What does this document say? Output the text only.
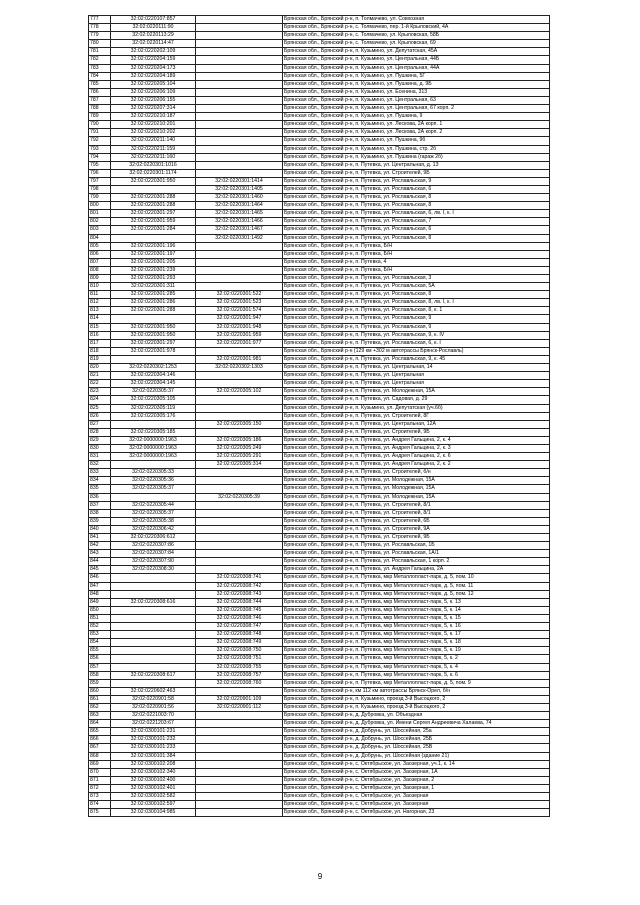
777	32:02:0220107:857		Брянская обл., Брянский р-н, п. Толмачево, ул. Совхозная
778	32:02:0220111:90		Брянская обл., Брянский р-н, с. Толмачево, пер. 1-й Крыловский, 4А
779	32:02:0220113:29		Брянская обл., Брянский р-н, с. Толмачево, ул. Крыловская, 58Б
780	32:02:0220114:47		Брянская обл., Брянский р-н, с. Толмачево, ул. Крыловская, 69
781	32:02:0220202:109		Брянская обл., Брянский р-н, п. Кузьмино, ул. Депутатская, 45А
782	32:02:0220204:159		Брянская обл., Брянский р-н, п. Кузьмино, ул. Центральная, 44Б
783	32:02:0220204:173		Брянская обл., Брянский р-н, п. Кузьмино, ул. Центральная, 44А
784	32:02:0220204:189		Брянская обл., Брянский р-н, п. Кузьмино, ул. Пушкина, 5Г
785	32:02:0220205:104		Брянская обл., Брянский р-н, п. Кузьмино, ул. Пушкина, д. 9Б
786	32:02:0220206:109		Брянская обл., Брянский р-н, п. Кузьмино, ул. Есенина, 313
787	32:02:0220206:155		Брянская обл., Брянский р-н, п. Кузьмино, ул. Центральная, 63
788	32:02:0220207:314		Брянская обл., Брянский р-н, п. Кузьмино, ул. Центральная, 67 корп. 2
789	32:02:0220210:187		Брянская обл., Брянский р-н, п. Кузьмино, ул. Пушкина, 9
790	32:02:0220210:201		Брянская обл., Брянский р-н, п. Кузьмино, ул. Лескова, 2А корп. 1
791	32:02:0220210:202		Брянская обл., Брянский р-н, п. Кузьмино, ул. Лескова, 2А корп. 2
792	32:02:0220211:140		Брянская обл., Брянский р-н, п. Кузьмино, ул. Пушкина, 9б
793	32:02:0220211:159		Брянская обл., Брянский р-н, п. Кузьмино, ул. Пушкина, стр. 2б
794	32:02:0220211:160		Брянская обл., Брянский р-н, п. Кузьмино, ул. Пушкина (гараж 2б)
795	32:02:0220301:1016		Брянская обл., Брянский р-н, п. Путевка, ул. Центральная, д. 13
796	32:02:0220301:1174		Брянская обл., Брянский р-н, п. Путевка, ул. Строителей, 9Б
797	32:02:0220301:950	32:02:0220301:1414	Брянская обл., Брянский р-н, п. Путевка, ул. Рославльская, 9
798		32:02:0220301:1405	Брянская обл., Брянский р-н, п. Путевка, ул. Рославльская, 6
799	32:02:0220301:288	32:02:0220301:1460	Брянская обл., Брянский р-н, п. Путевка, ул. Рославльская, 8
800	32:02:0220301:288	32:02:0220301:1464	Брянская обл., Брянский р-н, п. Путевка, ул. Рославльская, 8
801	32:02:0220301:297	32:02:0220301:1465	Брянская обл., Брянский р-н, п. Путевка, ул. Рославльская, 6, лв. I, к. I
802	32:02:0220301:959	32:02:0220301:1466	Брянская обл., Брянский р-н, п. Путевка, ул. Рославльская, 7
803	32:02:0220301:284	32:02:0220301:1467	Брянская обл., Брянский р-н, п. Путевка, ул. Рославльская, 6
804		32:02:0220301:1492	Брянская обл., Брянский р-н, п. Путевка, ул. Рославльская, 8
805	32:02:0220301:196		Брянская обл., Брянский р-н, п. Путевка, Б/Н
806	32:02:0220301:197		Брянская обл., Брянский р-н, п. Путевка, Б/Н
807	32:02:0220301:205		Брянская обл., Брянский р-н, п. Путевка, 4
808	32:02:0220301:239		Брянская обл., Брянский р-н, п. Путевка, Б/Н
809	32:02:0220301:293		Брянская обл., Брянский р-н, п. Путевка, ул. Рославльская, 3
810	32:02:0220301:311		Брянская обл., Брянский р-н, п. Путевка, ул. Рославльская, 5А
811	32:02:0220301:285	32:02:0220301:522	Брянская обл., Брянский р-н, п. Путевка, ул. Рославльская, 8
812	32:02:0220301:286	32:02:0220301:523	Брянская обл., Брянский р-н, п. Путевка, ул. Рославльская, 8, лв. I, к. I
813	32:02:0220301:288	32:02:0220301:574	Брянская обл., Брянский р-н, п. Путевка, ул. Рославльская, 8, к. 1
814		32:02:0220301:947	Брянская обл., Брянский р-н, п. Путевка, ул. Рославльская, 9
815	32:02:0220301:950	32:02:0220301:948	Брянская обл., Брянский р-н, п. Путевка, ул. Рославльская, 9
816	32:02:0220301:950	32:02:0220301:959	Брянская обл., Брянский р-н, п. Путевка, ул. Рославльская, 9, к. IV
817	32:02:0220301:297	32:02:0220301:977	Брянская обл., Брянский р-н, п. Путевка, ул. Рославльская, 6, к. I
818	32:02:0220301:978		Брянская обл., Брянский р-н (129 км +302 м автотрассы Брянск-Рославль)
819		32:02:0220301:981	Брянская обл., Брянский р-н, п. Путевка, ул. Рославльская, 9, к. 45
820	32:02:0220302:1253	32:02:0220302:1303	Брянская обл., Брянский р-н, п. Путевка, ул. Центральная, 14
821	32:02:0220304:146		Брянская обл., Брянский р-н, п. Путевка, ул. Центральная
822	32:02:0220304:145		Брянская обл., Брянский р-н, п. Путевка, ул. Центральная
823	32:02:0220305:37	32:02:0220305:102	Брянская обл., Брянский р-н, п. Путевка, ул. Молодежная, 15А
824	32:02:0220305:105		Брянская обл., Брянский р-н, п. Путевка, ул. Садовая, д. 29
825	32:02:0220305:119		Брянская обл., Брянский р-н, п. Кузьмино, ул. Депутатская (уч.6б)
826	32:02:0220305:176		Брянская обл., Брянский р-н, п. Путевка, ул. Строителей, 8Г
827		32:02:0220305:150	Брянская обл., Брянский р-н, п. Путевка, ул. Центральная, 12А
828	32:02:0220305:185		Брянская обл., Брянский р-н, п. Путевка, ул. Строителей, 9Б
829	32:02:0000000:1963	32:02:0220305:186	Брянская обл., Брянский р-н, п. Путевка, ул. Андрея Гальцина, 2, к. 4
830	32:02:0000000:1963	32:02:0220305:249	Брянская обл., Брянский р-н, п. Путевка, ул. Андрея Гальцина, 2, к. 3
831	32:02:0000000:1963	32:02:0220305:291	Брянская обл., Брянский р-н, п. Путевка, ул. Андрея Гальцина, 2, к. 6
832		32:02:0220305:314	Брянская обл., Брянский р-н, п. Путевка, ул. Андрея Гальцина, 2, к. 2
833	32:02:0220305:33		Брянская обл., Брянский р-н, п. Путевка, ул. Строителей, б/н
834	32:02:0220305:36		Брянская обл., Брянский р-н, п. Путевка, ул. Молодежная, 15А
835	32:02:0220305:37		Брянская обл., Брянский р-н, п. Путевка, ул. Молодежная, 15А
836		32:02:0220305:39	Брянская обл., Брянский р-н, п. Путевка, ул. Молодежная, 15А
837	32:02:0220305:44		Брянская обл., Брянский р-н, п. Путевка, ул. Строителей, 8/1
838	32:02:0220305:37		Брянская обл., Брянский р-н, п. Путевка, ул. Строителей, 8/1
839	32:02:0220305:38		Брянская обл., Брянский р-н, п. Путевка, ул. Строителей, 6Б
840	32:02:0220306:42		Брянская обл., Брянский р-н, п. Путевка, ул. Строителей, 9А
841	32:02:0220306:612		Брянская обл., Брянский р-н, п. Путевка, ул. Строителей, 9Б
842	32:02:0220307:86		Брянская обл., Брянский р-н, п. Путевка, ул. Рославльская, 1Б
843	32:02:0220307:84		Брянская обл., Брянский р-н, п. Путевка, ул. Рославльская, 1А/1
844	32:02:0220307:90		Брянская обл., Брянский р-н, п. Путевка, ул. Рославльская, 1 корп. 2
845	32:02:0220308:30		Брянская обл., Брянский р-н, п. Путевка, ул. Андрея Гальцина, 2А
846		32:02:0220308:741	Брянская обл., Брянский р-н, п. Путевка, мкр Металлопласт-парк, д. 5, пом. 10
847		32:02:0220308:742	Брянская обл., Брянский р-н, п. Путевка, мкр Металлопласт-парк, д. 5, пом. 11
848		32:02:0220308:743	Брянская обл., Брянский р-н, п. Путевка, мкр Металлопласт-парк, д. 5, пом. 12
849	32:02:0220308:616	32:02:0220308:744	Брянская обл., Брянский р-н, п. Путевка, мкр Металлопласт-парк, 5, к. 13
850		32:02:0220308:745	Брянская обл., Брянский р-н, п. Путевка, мкр Металлопласт-парк, 5, к. 14
851		32:02:0220308:746	Брянская обл., Брянский р-н, п. Путевка, мкр Металлопласт-парк, 5, к. 15
852		32:02:0220308:747	Брянская обл., Брянский р-н, п. Путевка, мкр Металлопласт-парк, 5, к. 16
853		32:02:0220308:748	Брянская обл., Брянский р-н, п. Путевка, мкр Металлопласт-парк, 5, к. 17
854		32:02:0220308:749	Брянская обл., Брянский р-н, п. Путевка, мкр Металлопласт-парк, 5, к. 18
855		32:02:0220308:750	Брянская обл., Брянский р-н, п. Путевка, мкр Металлопласт-парк, 5, к. 19
856		32:02:0220308:751	Брянская обл., Брянский р-н, п. Путевка, мкр Металлопласт-парк, 5, к. 2
857		32:02:0220308:755	Брянская обл., Брянский р-н, п. Путевка, мкр Металлопласт-парк, 5, к. 4
858	32:02:0220308:617	32:02:0220308:757	Брянская обл., Брянский р-н, п. Путевка, мкр Металлопласт-парк, 5, к. 6
859		32:02:0220308:760	Брянская обл., Брянский р-н, п. Путевка, мкр Металлопласт-парк, д. 5, пом. 9
860	32:02:0220602:463		Брянская обл., Брянский р-н, км 112 км автотрассы Брянск-Орел, б/н
861	32:02:0220901:58	32:02:0220901:109	Брянская обл., Брянский р-н, п. Кузьмино, проезд 3-й Высоцкого, 2
862	32:02:0220901:56	32:02:0220901:112	Брянская обл., Брянский р-н, п. Кузьмино, проезд 3-й Высоцкого, 2
863	32:02:0221003:70		Брянская обл., Брянский р-н, д. Дубровка, ул. Объездная
864	32:02:0221203:67		Брянская обл., Брянский р-н, д. Дубровка, ул. Имени Сергея Андреевича Халаева, 74
865	32:02:0300101:231		Брянская обл., Брянский р-н, д. Добрунь, ул. Шоссейная, 25а
866	32:02:0300101:232		Брянская обл., Брянский р-н, д. Добрунь, ул. Шоссейная, 25Б
867	32:02:0300101:233		Брянская обл., Брянский р-н, д. Добрунь, ул. Шоссейная, 25В
868	32:02:0300101:384		Брянская обл., Брянский р-н, д. Добрунь, ул. Шоссейная (здание 21)
869	32:02:0300102:208		Брянская обл., Брянский р-н, с. Октябрьское, ул. Заозерная, уч.1, к. 14
870	32:02:0300102:340		Брянская обл., Брянский р-н, с. Октябрьское, ул. Заозерная, 1А
871	32:02:0300102:400		Брянская обл., Брянский р-н, с. Октябрьское, ул. Заозерная, 2
872	32:02:0300102:401		Брянская обл., Брянский р-н, с. Октябрьское, ул. Заозерная, 1
873	32:02:0300102:582		Брянская обл., Брянский р-н, с. Октябрьское, ул. Заозерная
874	32:02:0300102:597		Брянская обл., Брянский р-н, с. Октябрьское, ул. Заозерная
875	32:02:0300104:985		Брянская обл., Брянский р-н, с. Октябрьское, ул. Нагорная, 23
9
